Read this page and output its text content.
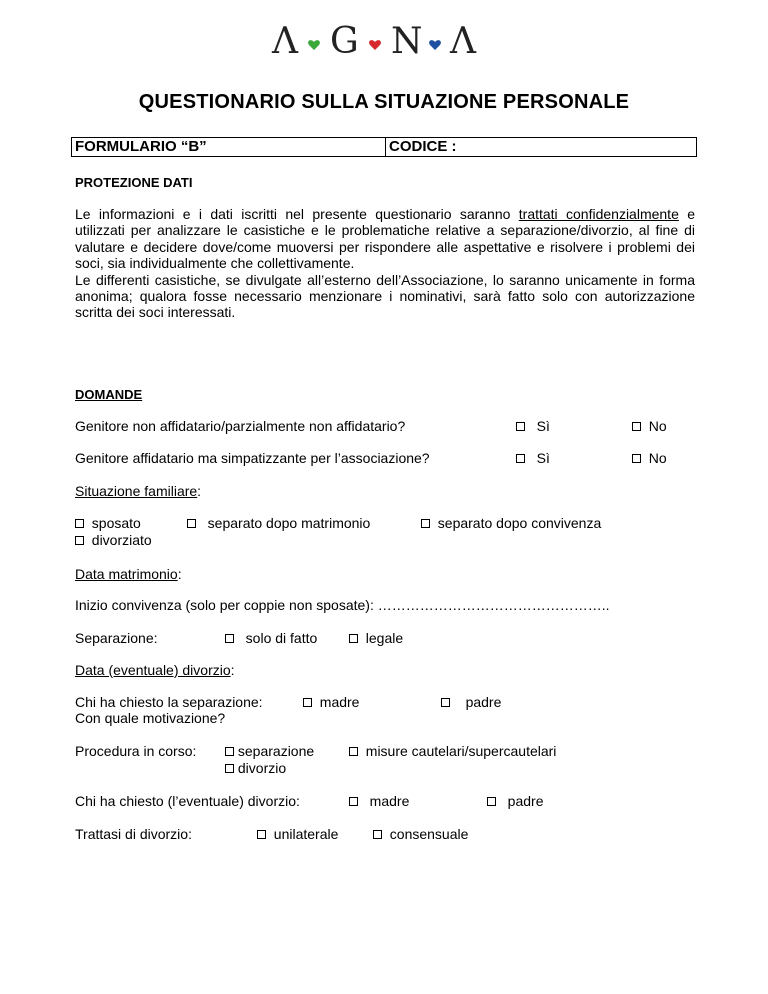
Λ G N Λ
QUESTIONARIO SULLA SITUAZIONE PERSONALE
FORMULARIO “B”	CODICE :
PROTEZIONE DATI

Le informazioni e i dati iscritti nel presente questionario saranno trattati confidenzialmente e utilizzati per analizzare le casistiche e le problematiche relative a separazione/divorzio, al fine di valutare e decidere dove/come muoversi per rispondere alle aspettative e risolvere i problemi dei soci, sia individualmente che collettivamente.

Le differenti casistiche, se divulgate all’esterno dell’Associazione, lo saranno unicamente in forma anonima; qualora fosse necessario menzionare i nominativi, sarà fatto solo con autorizzazione scritta dei soci interessati.

DOMANDE
Genitore non affidatario/parzialmente non affidatario?	Sì	No
Genitore affidatario ma simpatizzante per l’associazione?	Sì	No
Situazione familiare:
sposato	separato dopo matrimonio	separato dopo convivenza
divorziato
Data matrimonio:
Inizio convivenza (solo per coppie non sposate): …………………………………………..
Separazione:	solo di fatto	legale
Data (eventuale) divorzio:
Chi ha chiesto la separazione:	madre	padre
Con quale motivazione?
Procedura in corso:	separazione	misure cautelari/supercautelari
divorzio
Chi ha chiesto (l’eventuale) divorzio:	madre	padre
Trattasi di divorzio:	unilaterale	consensuale
